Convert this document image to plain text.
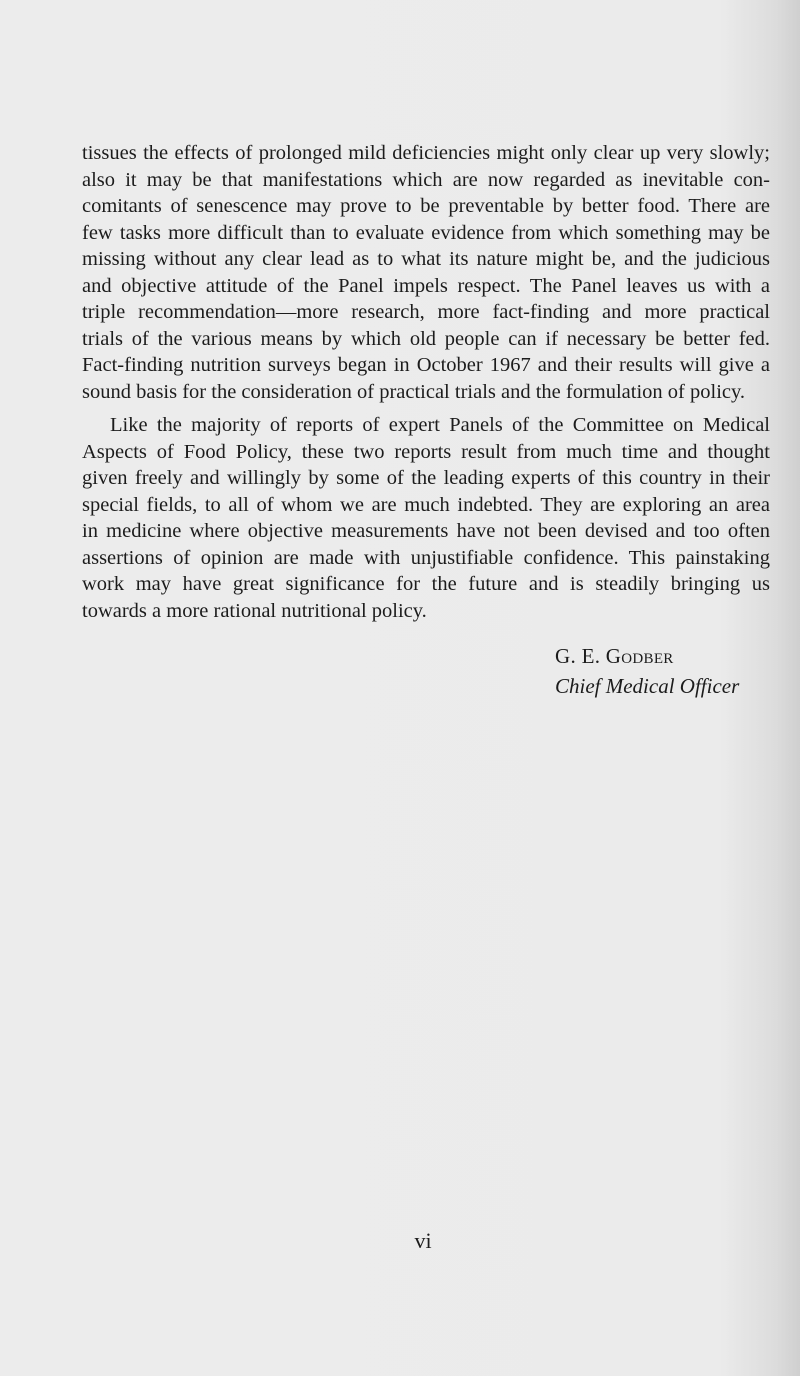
tissues the effects of prolonged mild deficiencies might only clear up very slowly;
also it may be that manifestations which are now regarded as inevitable con-
comitants of senescence may prove to be preventable by better food. There are
few tasks more difficult than to evaluate evidence from which something may be
missing without any clear lead as to what its nature might be, and the judicious
and objective attitude of the Panel impels respect. The Panel leaves us with a
triple recommendation—more research, more fact-finding and more practical
trials of the various means by which old people can if necessary be better fed.
Fact-finding nutrition surveys began in October 1967 and their results will give a
sound basis for the consideration of practical trials and the formulation of policy.
Like the majority of reports of expert Panels of the Committee on Medical
Aspects of Food Policy, these two reports result from much time and thought
given freely and willingly by some of the leading experts of this country in their
special fields, to all of whom we are much indebted. They are exploring an area
in medicine where objective measurements have not been devised and too often
assertions of opinion are made with unjustifiable confidence. This painstaking
work may have great significance for the future and is steadily bringing us
towards a more rational nutritional policy.
G. E. Godber
Chief Medical Officer
vi
